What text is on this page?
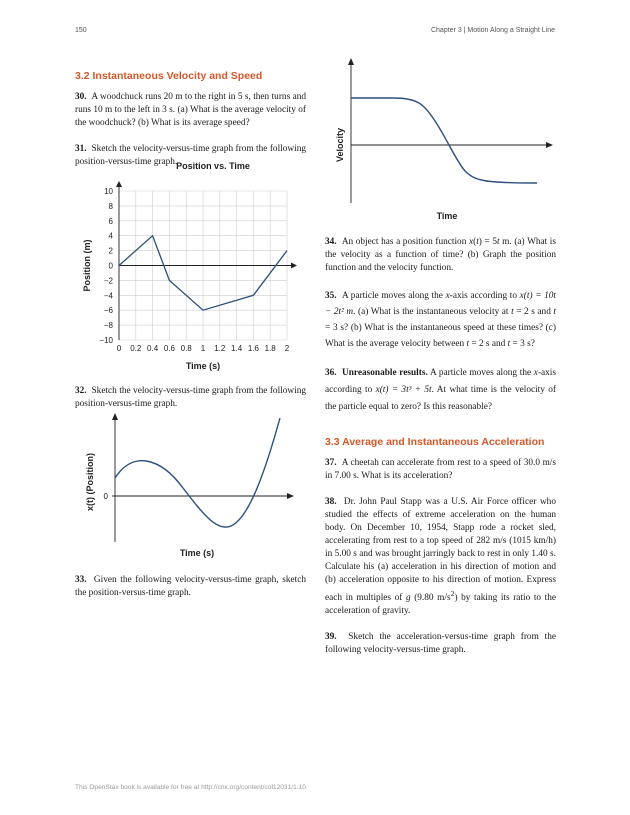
150	Chapter 3 | Motion Along a Straight Line
3.2 Instantaneous Velocity and Speed

30. A woodchuck runs 20 m to the right in 5 s, then turns and runs 10 m to the left in 3 s. (a) What is the average velocity of the woodchuck? (b) What is its average speed?

31. Sketch the velocity-versus-time graph from the following position-versus-time graph.

Position vs. Time
0 0.2 0.4 0.6 0.8 1 1.2 1.4 1.6 1.8 2
10
8
6
4
2
0
−2
−4
−6
−8
−10
Time (s)
Position (m)

32. Sketch the velocity-versus-time graph from the following position-versus-time graph.

0
Time (s)
x(t) (Position)

33. Given the following velocity-versus-time graph, sketch the position-versus-time graph.

Time
Velocity

34. An object has a position function x(t) = 5t m. (a) What is the velocity as a function of time? (b) Graph the position function and the velocity function.

35. A particle moves along the x-axis according to x(t) = 10t − 2t² m. (a) What is the instantaneous velocity at t = 2 s and t = 3 s? (b) What is the instantaneous speed at these times? (c) What is the average velocity between t = 2 s and t = 3 s?

36. Unreasonable results. A particle moves along the x-axis according to x(t) = 3t³ + 5t. At what time is the velocity of the particle equal to zero? Is this reasonable?

3.3 Average and Instantaneous Acceleration

37. A cheetah can accelerate from rest to a speed of 30.0 m/s in 7.00 s. What is its acceleration?

38. Dr. John Paul Stapp was a U.S. Air Force officer who studied the effects of extreme acceleration on the human body. On December 10, 1954, Stapp rode a rocket sled, accelerating from rest to a top speed of 282 m/s (1015 km/h) in 5.00 s and was brought jarringly back to rest in only 1.40 s. Calculate his (a) acceleration in his direction of motion and (b) acceleration opposite to his direction of motion. Express each in multiples of g (9.80 $m/s^2$) by taking its ratio to the acceleration of gravity.

39. Sketch the acceleration-versus-time graph from the following velocity-versus-time graph.

This OpenStax book is available for free at http://cnx.org/content/col12031/1.10
